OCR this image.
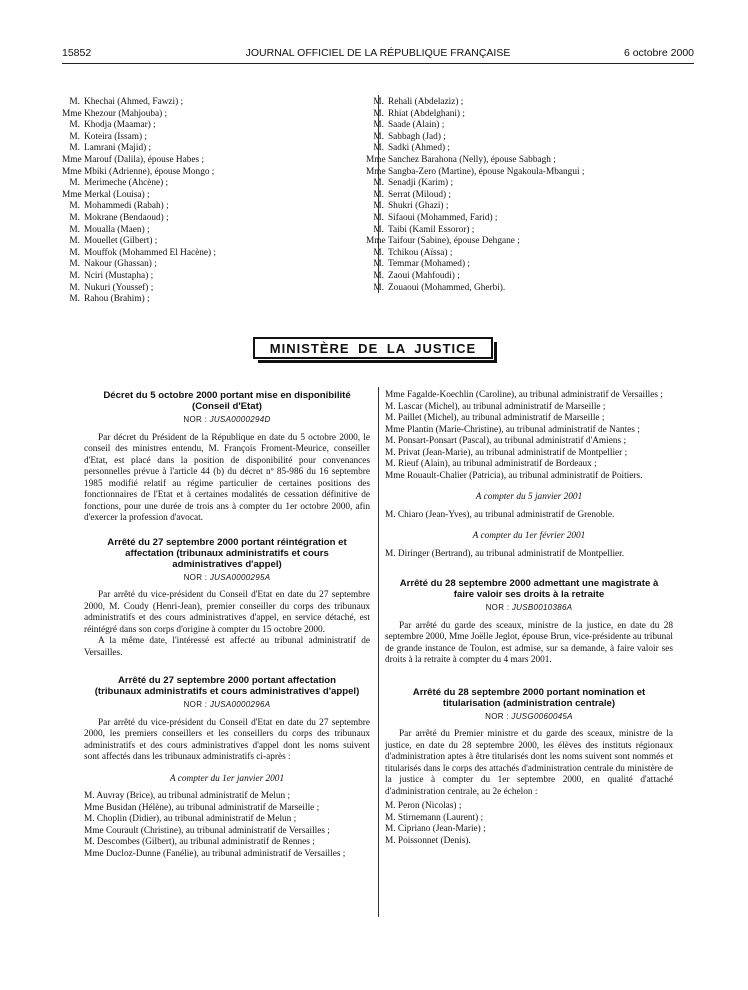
15852	JOURNAL OFFICIEL DE LA RÉPUBLIQUE FRANÇAISE	6 octobre 2000
M. Khechai (Ahmed, Fawzi) ;
Mme Khezour (Mahjouba) ;
M. Khodja (Maamar) ;
M. Koteira (Issam) ;
M. Lamrani (Majid) ;
Mme Marouf (Dalila), épouse Habes ;
Mme Mbiki (Adrienne), épouse Mongo ;
M. Merimeche (Ahcène) ;
Mme Merkal (Louisa) ;
M. Mohammedi (Rabah) ;
M. Mokrane (Bendaoud) ;
M. Moualla (Maen) ;
M. Mouellet (Gilbert) ;
M. Mouffok (Mohammed El Hacène) ;
M. Nakour (Ghassan) ;
M. Nciri (Mustapha) ;
M. Nukuri (Youssef) ;
M. Rahou (Brahim) ;
M. Rehali (Abdelaziz) ;
M. Rhiat (Abdelghani) ;
M. Saade (Alain) ;
M. Sabbagh (Jad) ;
M. Sadki (Ahmed) ;
Mme Sanchez Barahona (Nelly), épouse Sabbagh ;
Mme Sangba-Zero (Martine), épouse Ngakoula-Mbangui ;
M. Senadji (Karim) ;
M. Serrat (Miloud) ;
M. Shukri (Ghazi) ;
M. Sifaoui (Mohammed, Farid) ;
M. Taibi (Kamil Essoror) ;
Mme Taifour (Sabine), épouse Dehgane ;
M. Tchikou (Aïssa) ;
M. Temmar (Mohamed) ;
M. Zaoui (Mahfoudi) ;
M. Zouaoui (Mohammed, Gherbi).
MINISTÈRE DE LA JUSTICE
Décret du 5 octobre 2000 portant mise en disponibilité (Conseil d'Etat)
NOR : JUSA0000294D

Par décret du Président de la République en date du 5 octobre 2000, le conseil des ministres entendu, M. François Froment-Meurice, conseiller d'Etat, est placé dans la position de disponibilité pour convenances personnelles prévue à l'article 44 (b) du décret nº 85-986 du 16 septembre 1985 modifié relatif au régime particulier de certaines positions des fonctionnaires de l'Etat et à certaines modalités de cessation définitive de fonctions, pour une durée de trois ans à compter du 1er octobre 2000, afin d'exercer la profession d'avocat.

Arrêté du 27 septembre 2000 portant réintégration et affectation (tribunaux administratifs et cours administratives d'appel)
NOR : JUSA0000295A

Par arrêté du vice-président du Conseil d'Etat en date du 27 septembre 2000, M. Coudy (Henri-Jean), premier conseiller du corps des tribunaux administratifs et des cours administratives d'appel, en service détaché, est réintégré dans son corps d'origine à compter du 15 octobre 2000.

A la même date, l'intéressé est affecté au tribunal administratif de Versailles.

Arrêté du 27 septembre 2000 portant affectation (tribunaux administratifs et cours administratives d'appel)
NOR : JUSA0000296A

Par arrêté du vice-président du Conseil d'Etat en date du 27 septembre 2000, les premiers conseillers et les conseillers du corps des tribunaux administratifs et des cours administratives d'appel dont les noms suivent sont affectés dans les tribunaux administratifs ci-après :

A compter du 1er janvier 2001
M. Auvray (Brice), au tribunal administratif de Melun ;
Mme Busidan (Hélène), au tribunal administratif de Marseille ;
M. Choplin (Didier), au tribunal administratif de Melun ;
Mme Courault (Christine), au tribunal administratif de Versailles ;
M. Descombes (Gilbert), au tribunal administratif de Rennes ;
Mme Ducloz-Dunne (Fanélie), au tribunal administratif de Versailles ;
Mme Fagalde-Koechlin (Caroline), au tribunal administratif de Versailles ;
M. Lascar (Michel), au tribunal administratif de Marseille ;
M. Paillet (Michel), au tribunal administratif de Marseille ;
Mme Plantin (Marie-Christine), au tribunal administratif de Nantes ;
M. Ponsart-Ponsart (Pascal), au tribunal administratif d'Amiens ;
M. Privat (Jean-Marie), au tribunal administratif de Montpellier ;
M. Rieuf (Alain), au tribunal administratif de Bordeaux ;
Mme Rouault-Chalier (Patricia), au tribunal administratif de Poitiers.
A compter du 5 janvier 2001
M. Chiaro (Jean-Yves), au tribunal administratif de Grenoble.
A compter du 1er février 2001
M. Diringer (Bertrand), au tribunal administratif de Montpellier.
Arrêté du 28 septembre 2000 admettant une magistrate à faire valoir ses droits à la retraite
NOR : JUSB0010386A

Par arrêté du garde des sceaux, ministre de la justice, en date du 28 septembre 2000, Mme Joëlle Jeglot, épouse Brun, vice-présidente au tribunal de grande instance de Toulon, est admise, sur sa demande, à faire valoir ses droits à la retraite à compter du 4 mars 2001.

Arrêté du 28 septembre 2000 portant nomination et titularisation (administration centrale)
NOR : JUSG0060045A

Par arrêté du Premier ministre et du garde des sceaux, ministre de la justice, en date du 28 septembre 2000, les élèves des instituts régionaux d'administration aptes à être titularisés dont les noms suivent sont nommés et titularisés dans le corps des attachés d'administration centrale du ministère de la justice à compter du 1er septembre 2000, en qualité d'attaché d'administration centrale, au 2e échelon :

M. Peron (Nicolas) ;
M. Stirnemann (Laurent) ;
M. Cipriano (Jean-Marie) ;
M. Poissonnet (Denis).
